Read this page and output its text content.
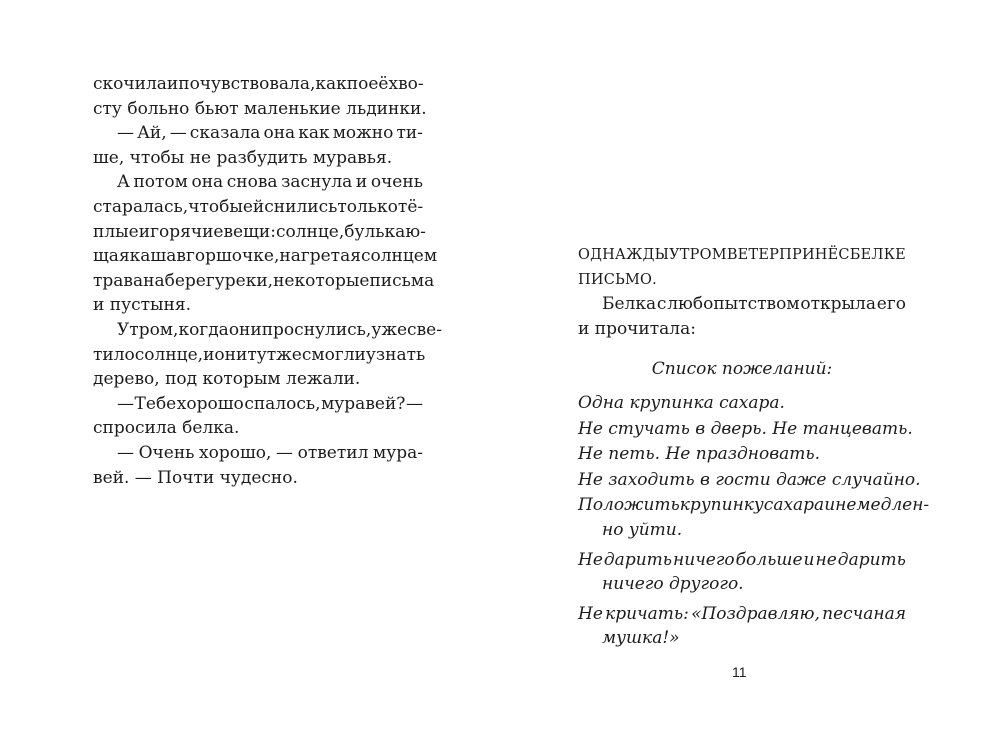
скочила и почувствовала, как по её хво-
сту больно бьют маленькие льдинки.
— Ай, — сказала она как можно ти-
ше, чтобы не разбудить муравья.
А потом она снова заснула и очень
старалась, чтобы ей снились только тё-
плые и горячие вещи: солнце, булькаю-
щая каша в горшочке, нагретая солнцем
трава на берегу реки, некоторые письма
и пустыня.
Утром, когда они проснулись, уже све-
тило солнце, и они тут же смогли узнать
дерево, под которым лежали.
— Тебе хорошо спалось, муравей? —
спросила белка.
— Очень хорошо, — ответил мура-
вей. — Почти чудесно.
ОДНАЖДЫ УТРОМ ВЕТЕР ПРИНЁС БЕЛКЕ
ПИСЬМО.
Белка с любопытством открыла его
и прочитала:
Список пожеланий:
Одна крупинка сахара.
Не стучать в дверь. Не танцевать.
Не петь. Не праздновать.
Не заходить в гости даже случайно.
Положить крупинку сахара и немедлен-
но уйти.
Не дарить ничего больше и не дарить
ничего другого.
Не кричать: «Поздравляю, песчаная
мушка!»
11
